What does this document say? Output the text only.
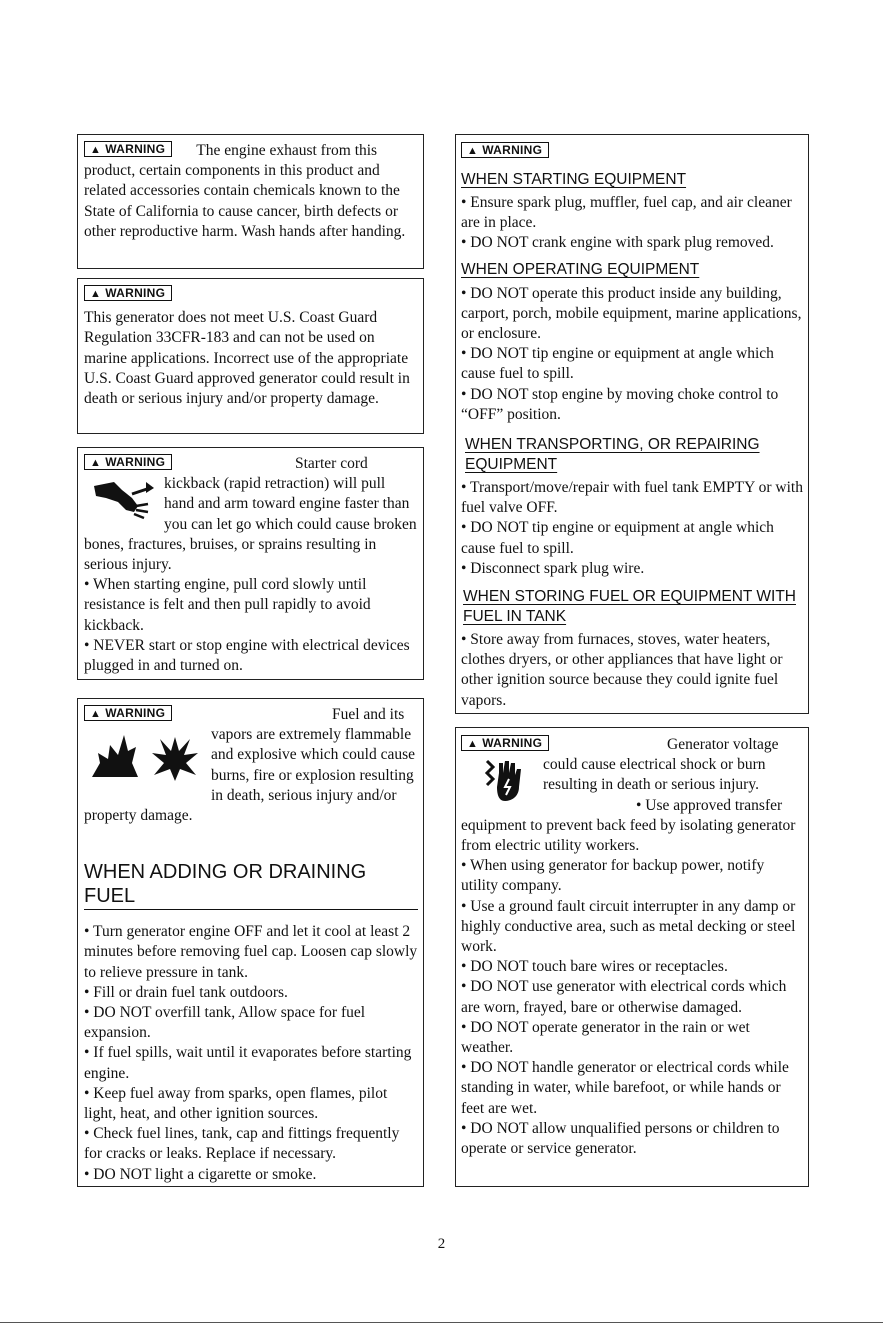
▲ WARNING The engine exhaust from this product, certain components in this product and related accessories contain chemicals known to the State of California to cause cancer, birth defects or other reproductive harm. Wash hands after handing.
▲ WARNING

This generator does not meet U.S. Coast Guard Regulation 33CFR-183 and can not be used on marine applications. Incorrect use of the appropriate U.S. Coast Guard approved generator could result in death or serious injury and/or property damage.

▲ WARNING	Starter cord kickback (rapid retraction) will pull hand and arm toward engine faster than you can let go which could cause broken bones, fractures, bruises, or sprains resulting in serious injury.

• When starting engine, pull cord slowly until resistance is felt and then pull rapidly to avoid kickback.

• NEVER start or stop engine with electrical devices plugged in and turned on.

▲ WARNING	Fuel and its vapors are extremely flammable and explosive which could cause burns, fire or explosion resulting in death, serious injury and/or property damage.

WHEN ADDING OR DRAINING FUEL

• Turn generator engine OFF and let it cool at least 2 minutes before removing fuel cap. Loosen cap slowly to relieve pressure in tank.

• Fill or drain fuel tank outdoors.

• DO NOT overfill tank, Allow space for fuel expansion.

• If fuel spills, wait until it evaporates before starting engine.

• Keep fuel away from sparks, open flames, pilot light, heat, and other ignition sources.

• Check fuel lines, tank, cap and fittings frequently for cracks or leaks. Replace if necessary.

• DO NOT light a cigarette or smoke.

▲ WARNING
WHEN STARTING EQUIPMENT

• Ensure spark plug, muffler, fuel cap, and air cleaner are in place.

• DO NOT crank engine with spark plug removed.

WHEN OPERATING EQUIPMENT

• DO NOT operate this product inside any building, carport, porch, mobile equipment, marine applications, or enclosure.

• DO NOT tip engine or equipment at angle which cause fuel to spill.

• DO NOT stop engine by moving choke control to “OFF” position.

WHEN TRANSPORTING, OR REPAIRING EQUIPMENT

• Transport/move/repair with fuel tank EMPTY or with fuel valve OFF.

• DO NOT tip engine or equipment at angle which cause fuel to spill.

• Disconnect spark plug wire.

WHEN STORING FUEL OR EQUIPMENT WITH FUEL IN TANK

• Store away from furnaces, stoves, water heaters, clothes dryers, or other appliances that have light or other ignition source because they could ignite fuel vapors.

▲ WARNING	Generator voltage could cause electrical shock or burn resulting in death or serious injury.

• Use approved transfer equipment to prevent back feed by isolating generator from electric utility workers.

• When using generator for backup power, notify utility company.

• Use a ground fault circuit interrupter in any damp or highly conductive area, such as metal decking or steel work.

• DO NOT touch bare wires or receptacles.

• DO NOT use generator with electrical cords which are worn, frayed, bare or otherwise damaged.

• DO NOT operate generator in the rain or wet weather.

• DO NOT handle generator or electrical cords while standing in water, while barefoot, or while hands or feet are wet.

• DO NOT allow unqualified persons or children to operate or service generator.

2
